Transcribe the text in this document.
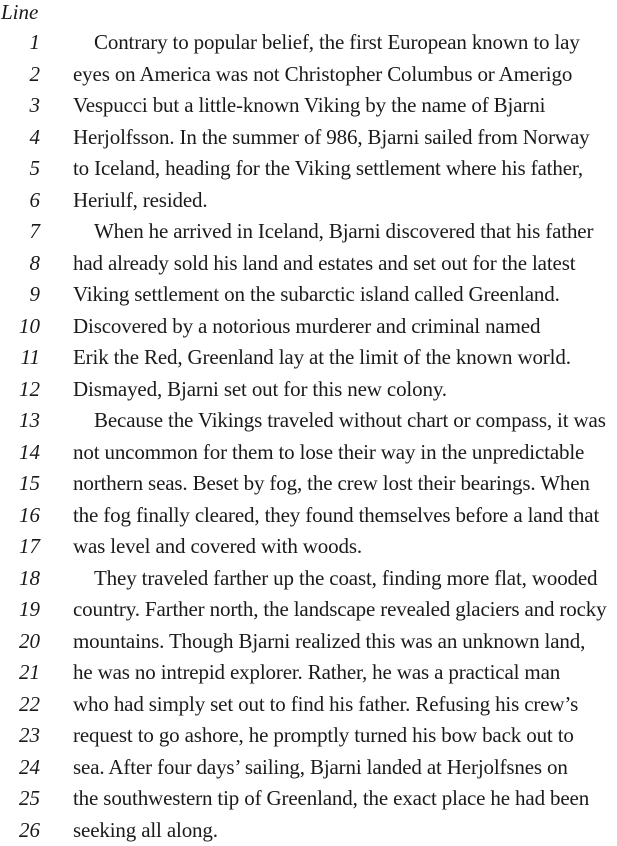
Line
1	Contrary to popular belief, the first European known to lay
2 eyes on America was not Christopher Columbus or Amerigo
3 Vespucci but a little-known Viking by the name of Bjarni
4 Herjolfsson. In the summer of 986, Bjarni sailed from Norway
5 to Iceland, heading for the Viking settlement where his father,
6 Heriulf, resided.
7	When he arrived in Iceland, Bjarni discovered that his father
8 had already sold his land and estates and set out for the latest
9 Viking settlement on the subarctic island called Greenland.
10 Discovered by a notorious murderer and criminal named
11 Erik the Red, Greenland lay at the limit of the known world.
12 Dismayed, Bjarni set out for this new colony.
13	Because the Vikings traveled without chart or compass, it was
14 not uncommon for them to lose their way in the unpredictable
15 northern seas. Beset by fog, the crew lost their bearings. When
16 the fog finally cleared, they found themselves before a land that
17 was level and covered with woods.
18	They traveled farther up the coast, finding more flat, wooded
19 country. Farther north, the landscape revealed glaciers and rocky
20 mountains. Though Bjarni realized this was an unknown land,
21 he was no intrepid explorer. Rather, he was a practical man
22 who had simply set out to find his father. Refusing his crew’s
23 request to go ashore, he promptly turned his bow back out to
24 sea. After four days’ sailing, Bjarni landed at Herjolfsnes on
25 the southwestern tip of Greenland, the exact place he had been
26 seeking all along.
